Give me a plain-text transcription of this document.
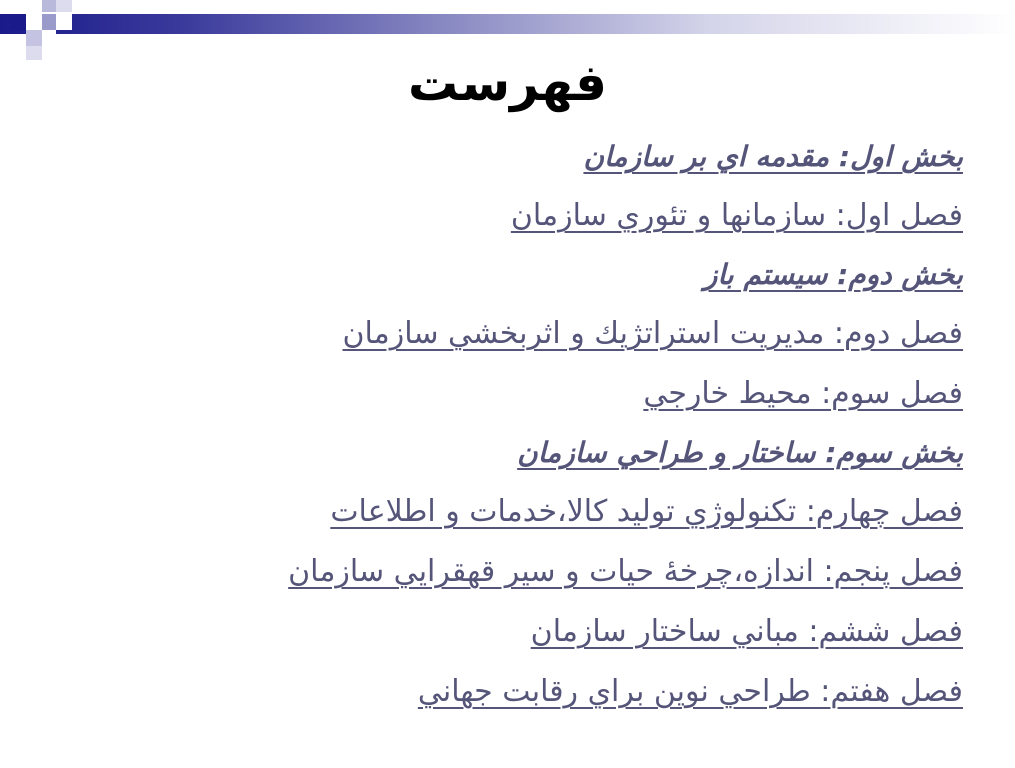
فهرست
بخش اول: مقدمه اي بر سازمان
فصل اول: سازمانها و تئوري سازمان
بخش دوم: سيستم باز
فصل دوم: مديريت استراتژيك و اثربخشي سازمان
فصل سوم: محيط خارجي
بخش سوم: ساختار و طراحي سازمان
فصل چهارم: تكنولوژي توليد كالا،خدمات و اطلاعات
فصل پنجم: اندازه،چرخۀ حيات و سير قهقرايي سازمان
فصل ششم: مباني ساختار سازمان
فصل هفتم: طراحي نوين براي رقابت جهاني
